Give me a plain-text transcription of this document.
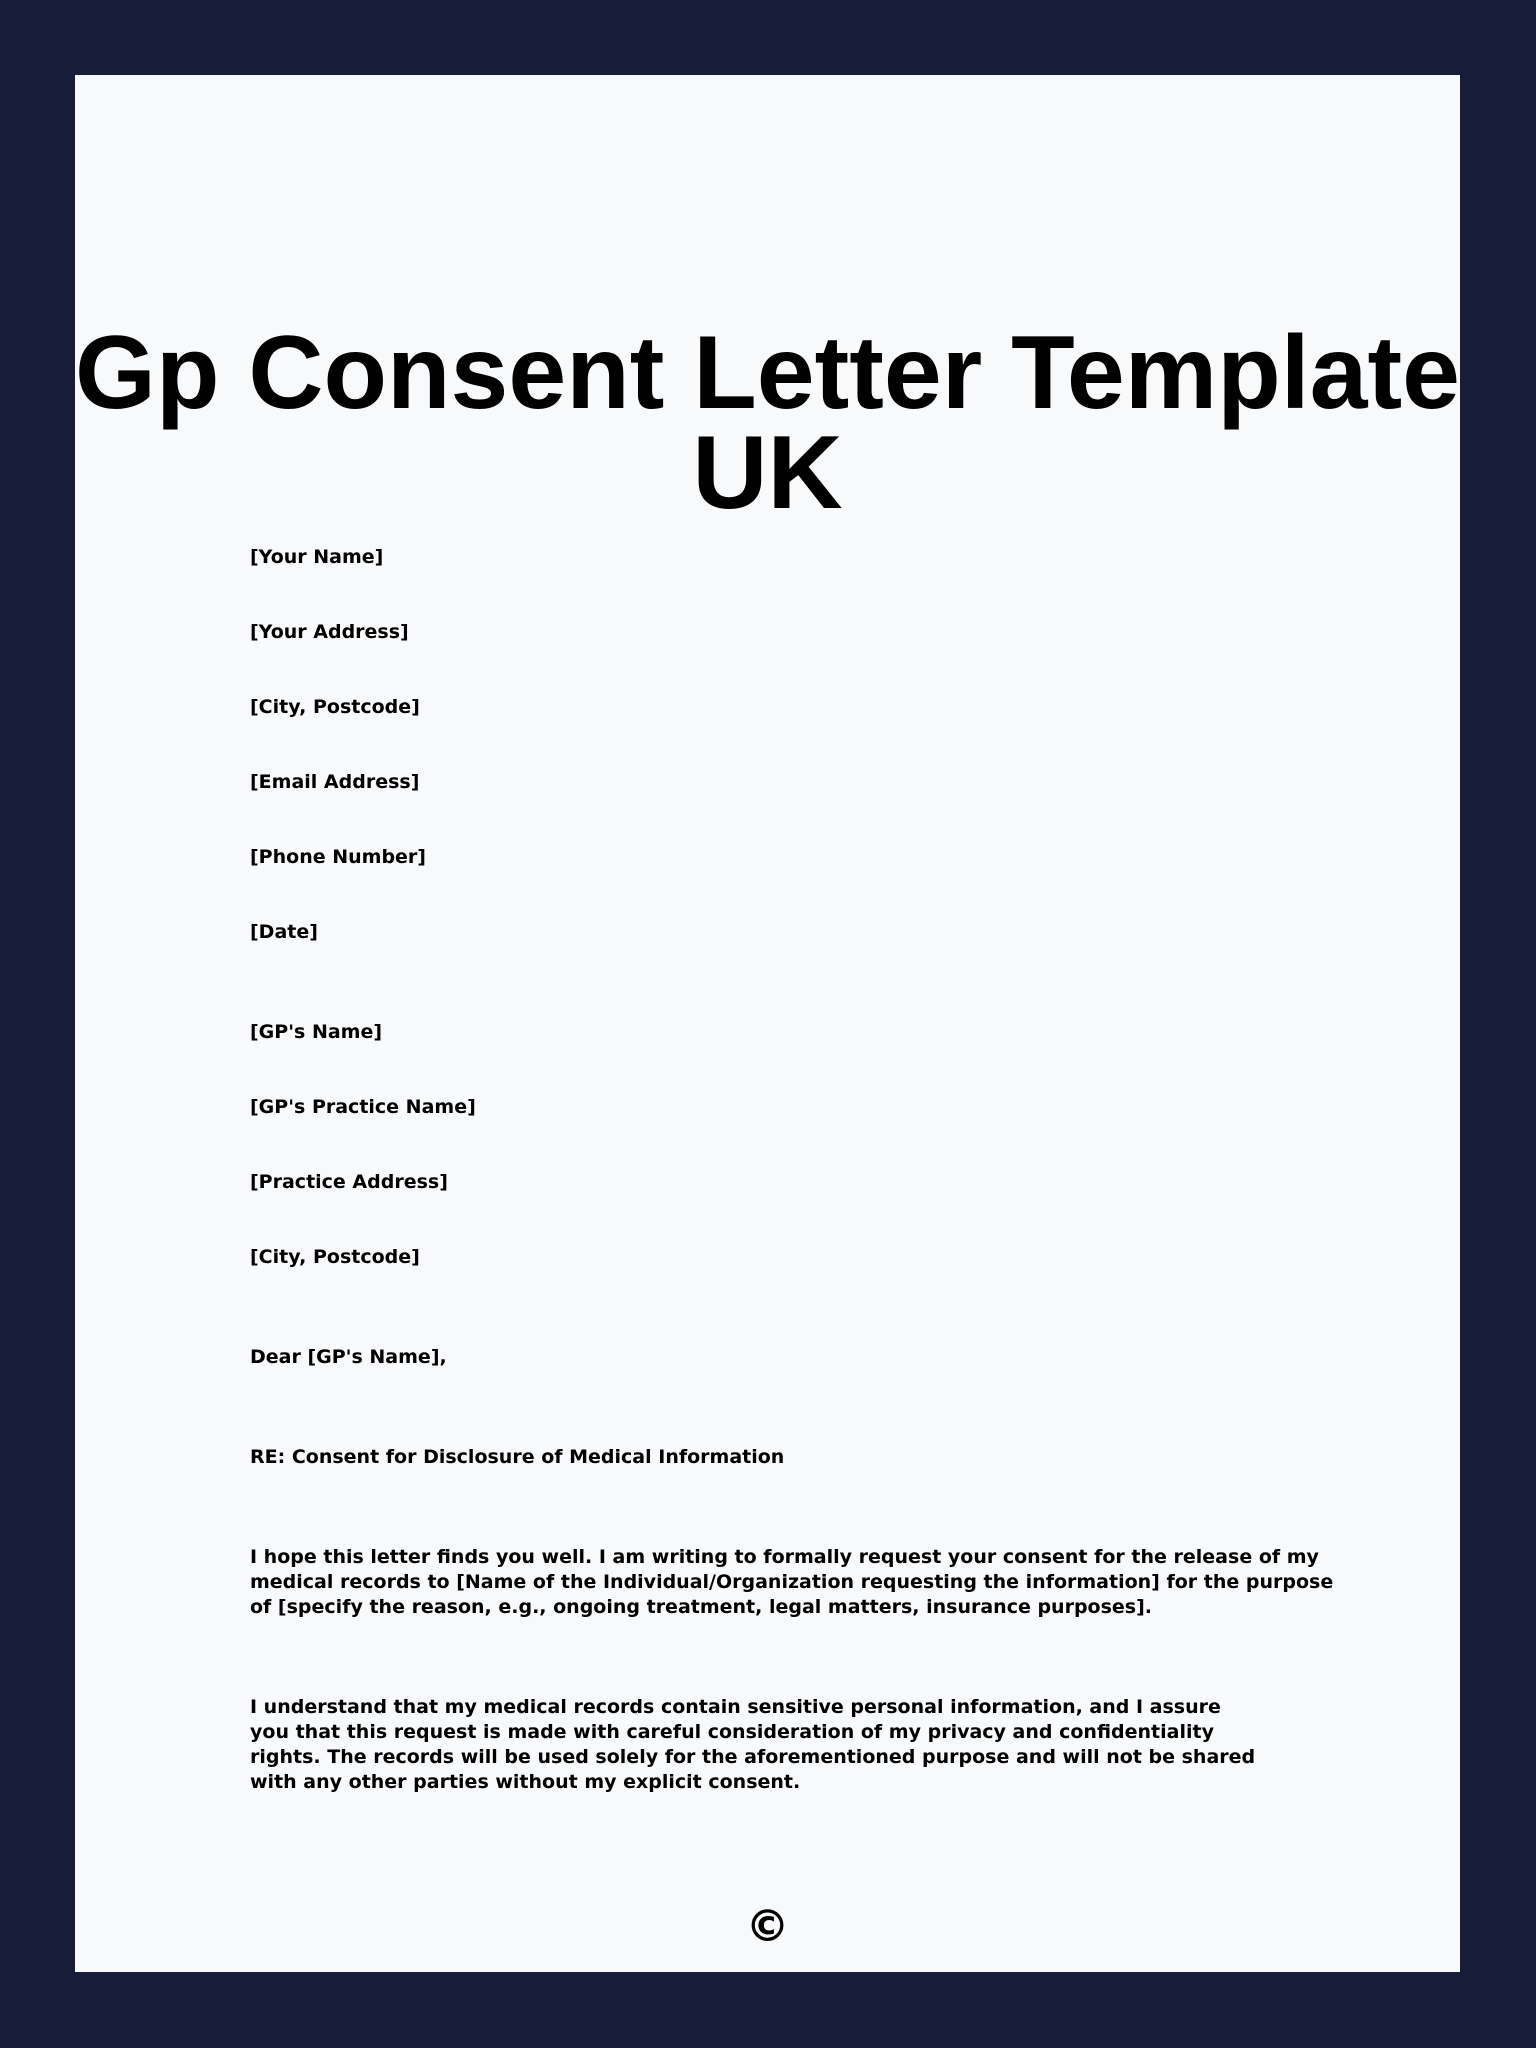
Gp Consent Letter Template UK
[Your Name]
[Your Address]
[City, Postcode]
[Email Address]
[Phone Number]
[Date]
[GP's Name]
[GP's Practice Name]
[Practice Address]
[City, Postcode]
Dear [GP's Name],
RE: Consent for Disclosure of Medical Information

I hope this letter finds you well. I am writing to formally request your consent for the release of my medical records to [Name of the Individual/Organization requesting the information] for the purpose of [specify the reason, e.g., ongoing treatment, legal matters, insurance purposes].

I understand that my medical records contain sensitive personal information, and I assure you that this request is made with careful consideration of my privacy and confidentiality rights. The records will be used solely for the aforementioned purpose and will not be shared with any other parties without my explicit consent.

©
